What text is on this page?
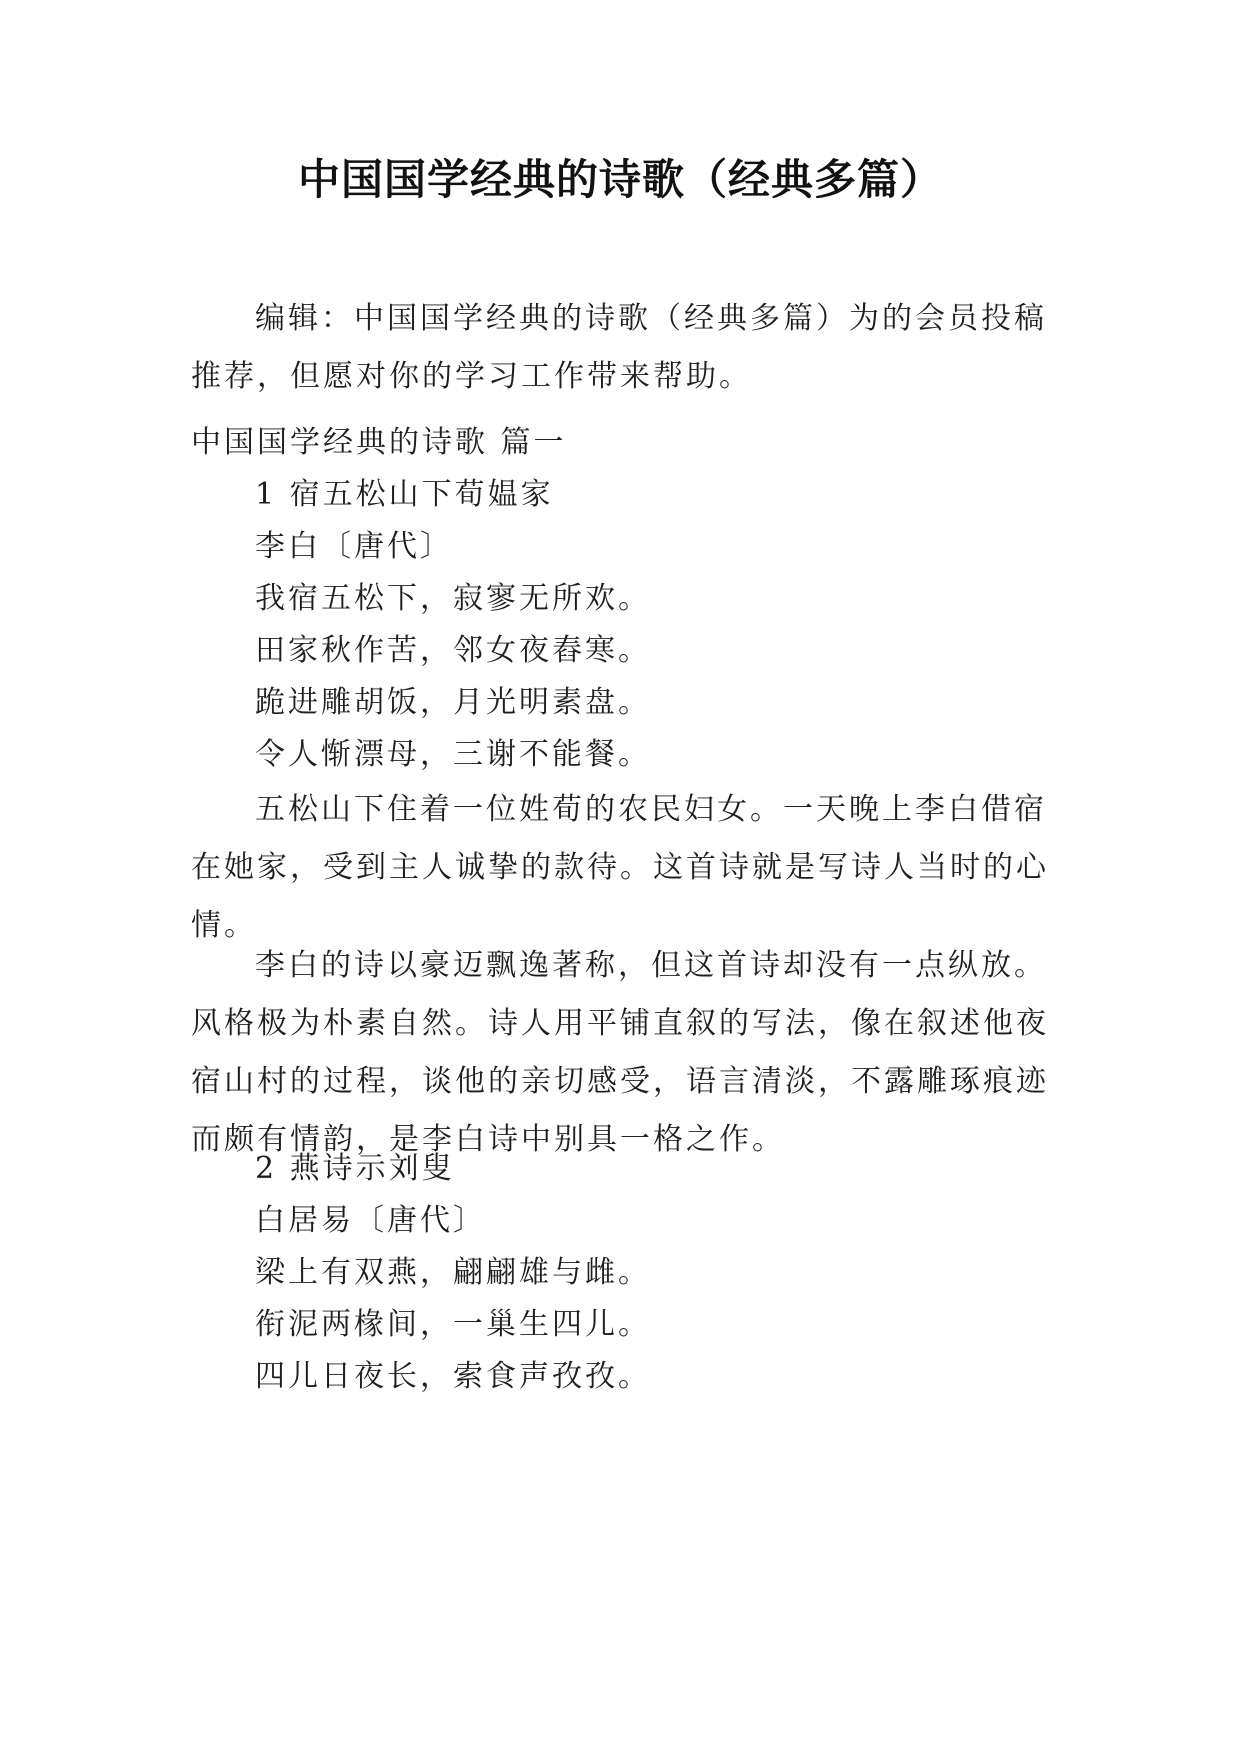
中国国学经典的诗歌（经典多篇）

编辑：中国国学经典的诗歌（经典多篇）为的会员投稿推荐，但愿对你的学习工作带来帮助。

中国国学经典的诗歌 篇一
1 宿五松山下荀媪家
李白〔唐代〕
我宿五松下，寂寥无所欢。
田家秋作苦，邻女夜舂寒。
跪进雕胡饭，月光明素盘。
令人惭漂母，三谢不能餐。

五松山下住着一位姓荀的农民妇女。一天晚上李白借宿在她家，受到主人诚挚的款待。这首诗就是写诗人当时的心情。

李白的诗以豪迈飘逸著称，但这首诗却没有一点纵放。风格极为朴素自然。诗人用平铺直叙的写法，像在叙述他夜宿山村的过程，谈他的亲切感受，语言清淡，不露雕琢痕迹而颇有情韵，是李白诗中别具一格之作。

2 燕诗示刘叟
白居易〔唐代〕
梁上有双燕，翩翩雄与雌。
衔泥两椽间，一巢生四儿。
四儿日夜长，索食声孜孜。
